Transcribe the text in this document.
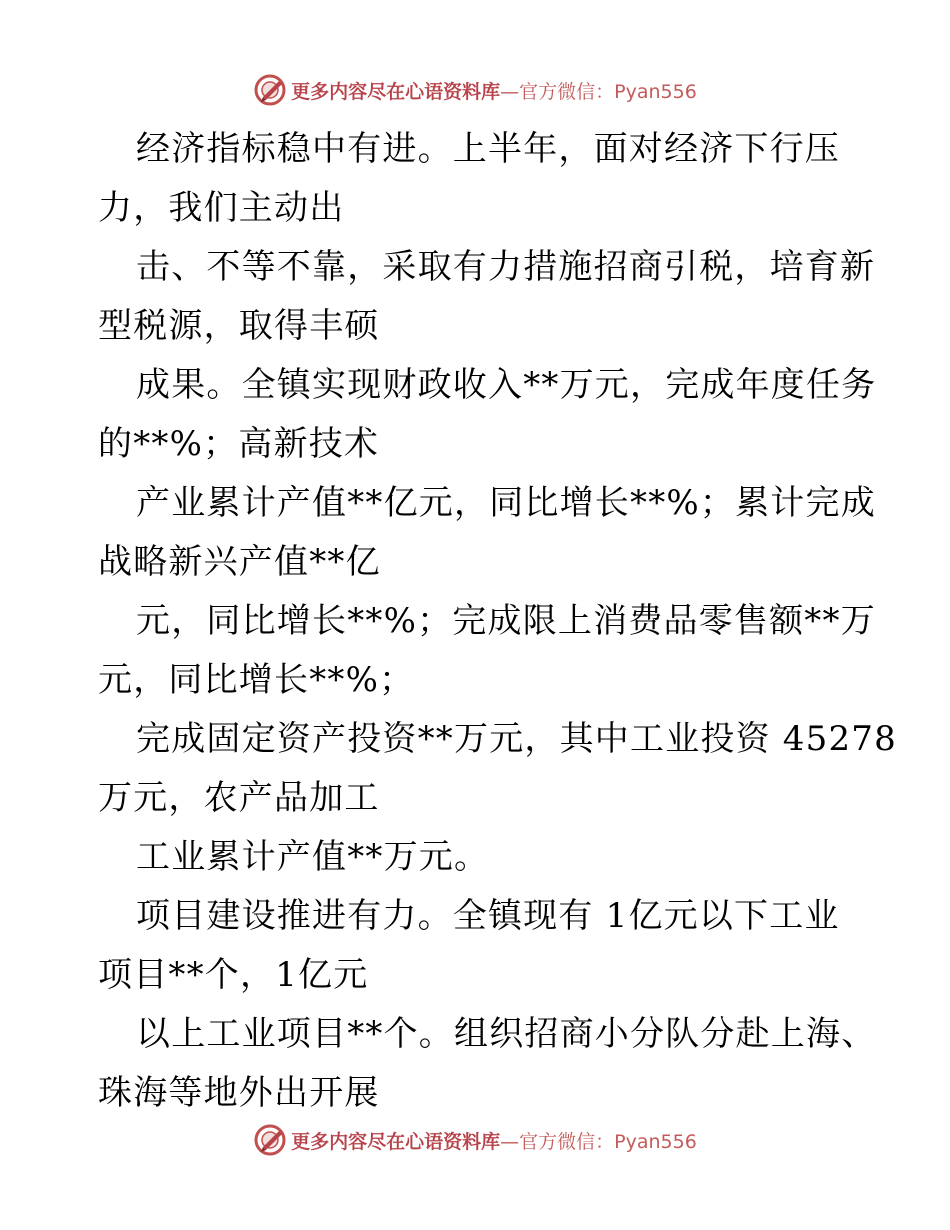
更多内容尽在心语资料库—官方微信：Pyan556
经济指标稳中有进。上半年，面对经济下行压
力，我们主动出
击、不等不靠，采取有力措施招商引税，培育新
型税源，取得丰硕
成果。全镇实现财政收入**万元，完成年度任务
的**%；高新技术
产业累计产值**亿元，同比增长**%；累计完成
战略新兴产值**亿
元，同比增长**%；完成限上消费品零售额**万
元，同比增长**%；
完成固定资产投资**万元，其中工业投资 45278
万元，农产品加工
工业累计产值**万元。
项目建设推进有力。全镇现有 1亿元以下工业
项目**个，1亿元
以上工业项目**个。组织招商小分队分赴上海、
珠海等地外出开展
更多内容尽在心语资料库—官方微信：Pyan556
